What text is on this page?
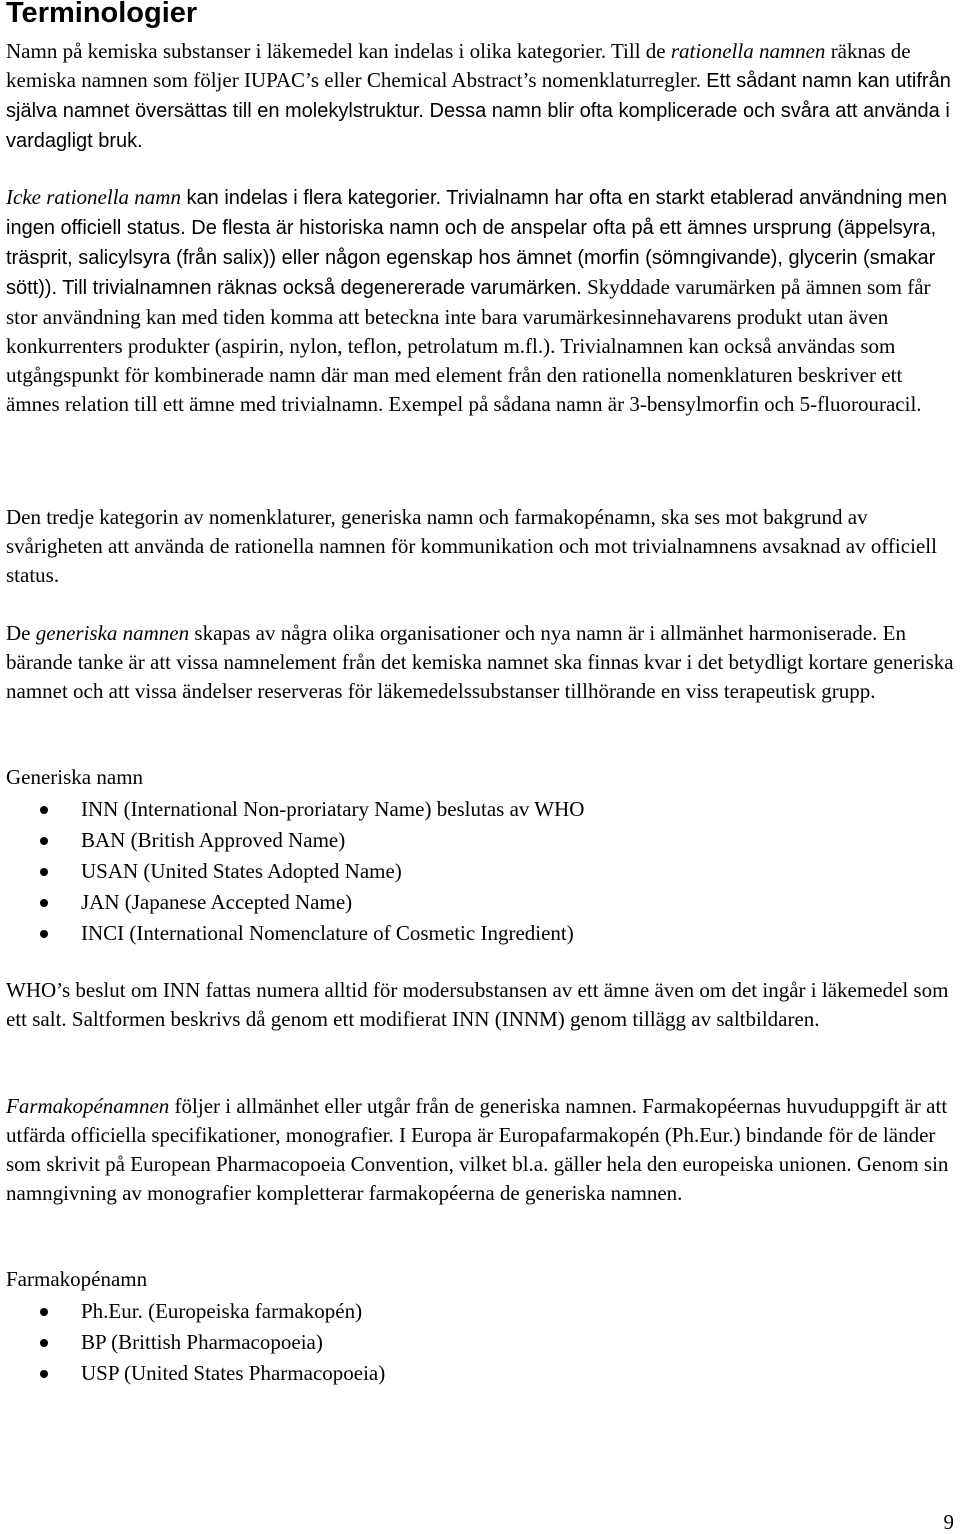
Terminologier

Namn på kemiska substanser i läkemedel kan indelas i olika kategorier. Till de rationella namnen räknas de kemiska namnen som följer IUPAC’s eller Chemical Abstract’s nomenklaturregler. Ett sådant namn kan utifrån själva namnet översättas till en molekylstruktur. Dessa namn blir ofta komplicerade och svåra att använda i vardagligt bruk.

Icke rationella namn kan indelas i flera kategorier. Trivialnamn har ofta en starkt etablerad användning men ingen officiell status. De flesta är historiska namn och de anspelar ofta på ett ämnes ursprung (äppelsyra, träsprit, salicylsyra (från salix)) eller någon egenskap hos ämnet (morfin (sömngivande), glycerin (smakar sött)). Till trivialnamnen räknas också degenererade varumärken. Skyddade varumärken på ämnen som får stor användning kan med tiden komma att beteckna inte bara varumärkesinnehavarens produkt utan även konkurrenters produkter (aspirin, nylon, teflon, petrolatum m.fl.). Trivialnamnen kan också användas som utgångspunkt för kombinerade namn där man med element från den rationella nomenklaturen beskriver ett ämnes relation till ett ämne med trivialnamn. Exempel på sådana namn är 3-bensylmorfin och 5-fluorouracil.

Den tredje kategorin av nomenklaturer, generiska namn och farmakopénamn, ska ses mot bakgrund av svårigheten att använda de rationella namnen för kommunikation och mot trivialnamnens avsaknad av officiell status.

De generiska namnen skapas av några olika organisationer och nya namn är i allmänhet harmoniserade. En bärande tanke är att vissa namnelement från det kemiska namnet ska finnas kvar i det betydligt kortare generiska namnet och att vissa ändelser reserveras för läkemedelssubstanser tillhörande en viss terapeutisk grupp.

Generiska namn

INN (International Non-proriatary Name) beslutas av WHO
BAN (British Approved Name)
USAN (United States Adopted Name)
JAN (Japanese Accepted Name)
INCI (International Nomenclature of Cosmetic Ingredient)

WHO’s beslut om INN fattas numera alltid för modersubstansen av ett ämne även om det ingår i läkemedel som ett salt. Saltformen beskrivs då genom ett modifierat INN (INNM) genom tillägg av saltbildaren.

Farmakopénamnen följer i allmänhet eller utgår från de generiska namnen. Farmakopéernas huvuduppgift är att utfärda officiella specifikationer, monografier. I Europa är Europafarmakopén (Ph.Eur.) bindande för de länder som skrivit på European Pharmacopoeia Convention, vilket bl.a. gäller hela den europeiska unionen. Genom sin namngivning av monografier kompletterar farmakopéerna de generiska namnen.

Farmakopénamn

Ph.Eur. (Europeiska farmakopén)
BP (Brittish Pharmacopoeia)
USP (United States Pharmacopoeia)
9
